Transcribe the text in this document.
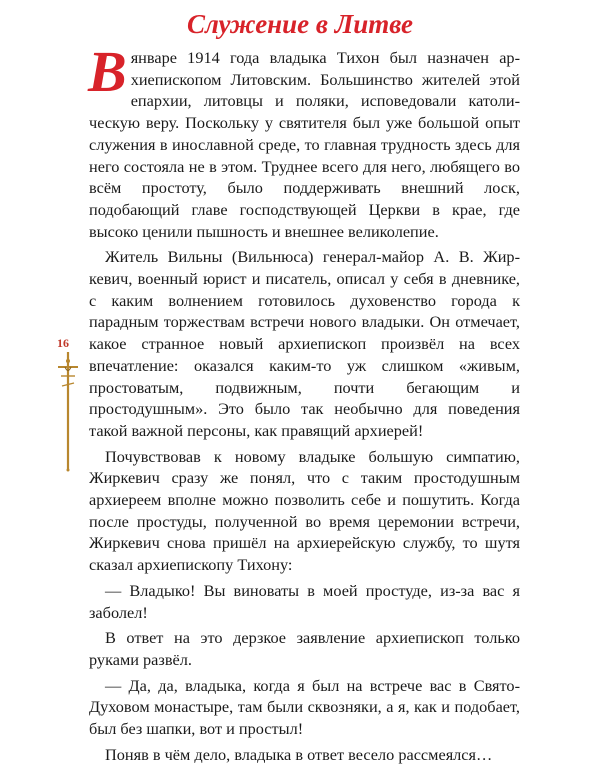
Служение в Литве
16

В январе 1914 года владыка Тихон был назначен архиепископом Литовским. Большинство жителей этой епархии, литовцы и поляки, исповедовали католическую веру. Поскольку у святителя был уже большой опыт служения в инославной среде, то главная трудность здесь для него состояла не в этом. Труднее всего для него, любящего во всём простоту, было поддерживать внешний лоск, подобающий главе господствующей Церкви в крае, где высоко ценили пышность и внешнее великолепие.

Житель Вильны (Вильнюса) генерал-майор А. В. Жиркевич, военный юрист и писатель, описал у себя в дневнике, с каким волнением готовилось духовенство города к парадным торжествам встречи нового владыки. Он отмечает, какое странное новый архиепископ произвёл на всех впечатление: оказался каким-то уж слишком «живым, простоватым, подвижным, почти бегающим и простодушным». Это было так необычно для поведения такой важной персоны, как правящий архиерей!

Почувствовав к новому владыке большую симпатию, Жиркевич сразу же понял, что с таким простодушным архиереем вполне можно позволить себе и пошутить. Когда после простуды, полученной во время церемонии встречи, Жиркевич снова пришёл на архиерейскую службу, то шутя сказал архиепископу Тихону:

— Владыко! Вы виноваты в моей простуде, из-за вас я заболел!

В ответ на это дерзкое заявление архиепископ только руками развёл.

— Да, да, владыка, когда я был на встрече вас в Свято-Духовом монастыре, там были сквозняки, а я, как и подобает, был без шапки, вот и простыл!

Поняв в чём дело, владыка в ответ весело рассмеялся…
